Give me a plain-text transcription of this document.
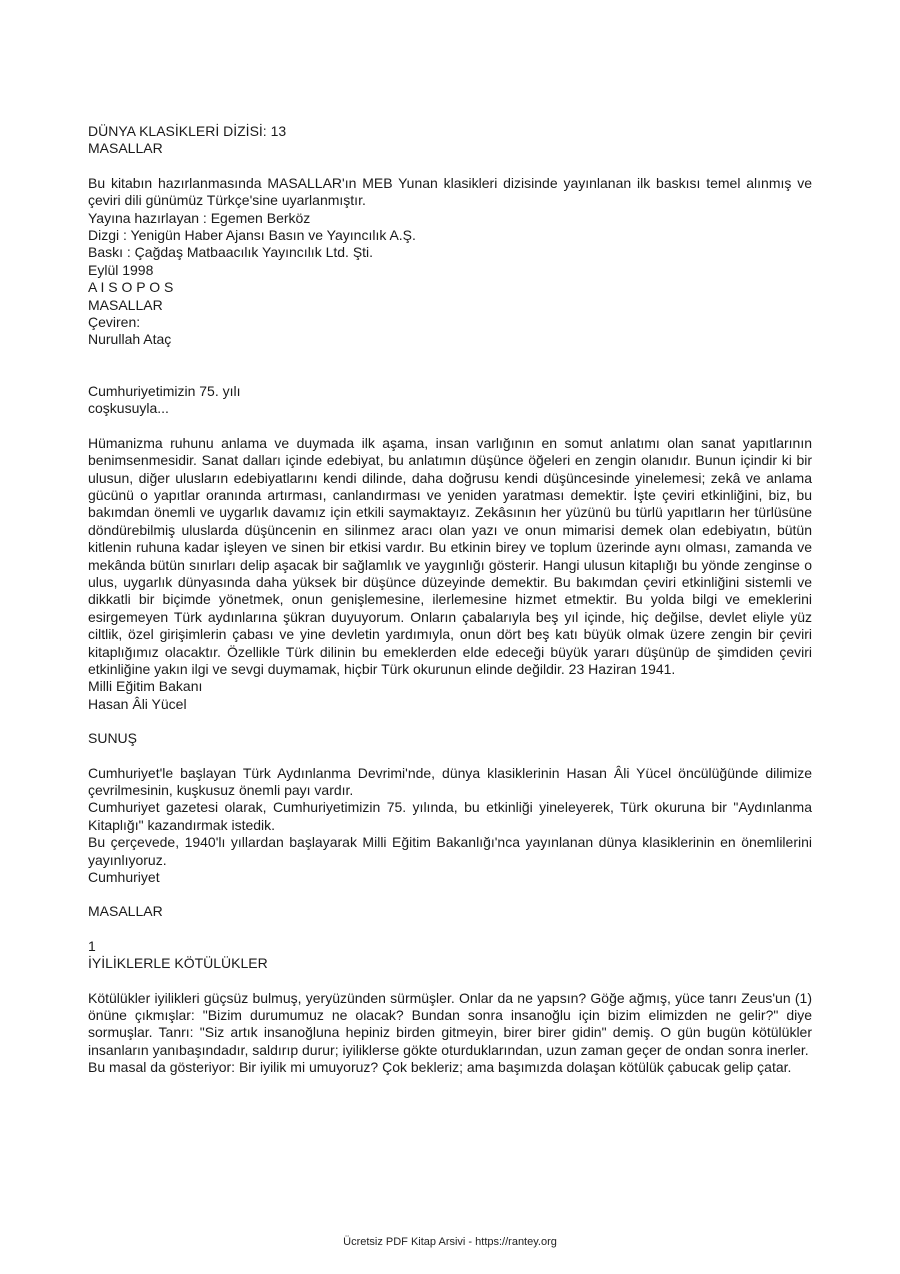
DÜNYA KLASİKLERİ DİZİSİ: 13
MASALLAR

Bu kitabın hazırlanmasında MASALLAR'ın MEB Yunan klasikleri dizisinde yayınlanan ilk baskısı temel alınmış ve çeviri dili günümüz Türkçe'sine uyarlanmıştır.

Yayına hazırlayan : Egemen Berköz
Dizgi : Yenigün Haber Ajansı Basın ve Yayıncılık A.Ş.
Baskı : Çağdaş Matbaacılık Yayıncılık Ltd. Şti.
Eylül 1998
A I S O P O S
MASALLAR
Çeviren:
Nurullah Ataç
Cumhuriyetimizin 75. yılı
coşkusuyla...

Hümanizma ruhunu anlama ve duymada ilk aşama, insan varlığının en somut anlatımı olan sanat yapıtlarının benimsenmesidir. Sanat dalları içinde edebiyat, bu anlatımın düşünce öğeleri en zengin olanıdır. Bunun içindir ki bir ulusun, diğer ulusların edebiyatlarını kendi dilinde, daha doğrusu kendi düşüncesinde yinelemesi; zekâ ve anlama gücünü o yapıtlar oranında artırması, canlandırması ve yeniden yaratması demektir. İşte çeviri etkinliğini, biz, bu bakımdan önemli ve uygarlık davamız için etkili saymaktayız. Zekâsının her yüzünü bu türlü yapıtların her türlüsüne döndürebilmiş uluslarda düşüncenin en silinmez aracı olan yazı ve onun mimarisi demek olan edebiyatın, bütün kitlenin ruhuna kadar işleyen ve sinen bir etkisi vardır. Bu etkinin birey ve toplum üzerinde aynı olması, zamanda ve mekânda bütün sınırları delip aşacak bir sağlamlık ve yaygınlığı gösterir. Hangi ulusun kitaplığı bu yönde zenginse o ulus, uygarlık dünyasında daha yüksek bir düşünce düzeyinde demektir. Bu bakımdan çeviri etkinliğini sistemli ve dikkatli bir biçimde yönetmek, onun genişlemesine, ilerlemesine hizmet etmektir. Bu yolda bilgi ve emeklerini esirgemeyen Türk aydınlarına şükran duyuyorum. Onların çabalarıyla beş yıl içinde, hiç değilse, devlet eliyle yüz ciltlik, özel girişimlerin çabası ve yine devletin yardımıyla, onun dört beş katı büyük olmak üzere zengin bir çeviri kitaplığımız olacaktır. Özellikle Türk dilinin bu emeklerden elde edeceği büyük yararı düşünüp de şimdiden çeviri etkinliğine yakın ilgi ve sevgi duymamak, hiçbir Türk okurunun elinde değildir. 23 Haziran 1941.

Milli Eğitim Bakanı
Hasan Âli Yücel
SUNUŞ

Cumhuriyet'le başlayan Türk Aydınlanma Devrimi'nde, dünya klasiklerinin Hasan Âli Yücel öncülüğünde dilimize çevrilmesinin, kuşkusuz önemli payı vardır.

Cumhuriyet gazetesi olarak, Cumhuriyetimizin 75. yılında, bu etkinliği yineleyerek, Türk okuruna bir "Aydınlanma Kitaplığı" kazandırmak istedik.

Bu çerçevede, 1940'lı yıllardan başlayarak Milli Eğitim Bakanlığı'nca yayınlanan dünya klasiklerinin en önemlilerini yayınlıyoruz.

Cumhuriyet
MASALLAR
1
İYİLİKLERLE KÖTÜLÜKLER

Kötülükler iyilikleri güçsüz bulmuş, yeryüzünden sürmüşler. Onlar da ne yapsın? Göğe ağmış, yüce tanrı Zeus'un (1) önüne çıkmışlar: "Bizim durumumuz ne olacak? Bundan sonra insanoğlu için bizim elimizden ne gelir?" diye sormuşlar. Tanrı: "Siz artık insanoğluna hepiniz birden gitmeyin, birer birer gidin" demiş. O gün bugün kötülükler insanların yanıbaşındadır, saldırıp durur; iyiliklerse gökte oturduklarından, uzun zaman geçer de ondan sonra inerler.

Bu masal da gösteriyor: Bir iyilik mi umuyoruz? Çok bekleriz; ama başımızda dolaşan kötülük çabucak gelip çatar.

Ücretsiz PDF Kitap Arsivi - https://rantey.org
